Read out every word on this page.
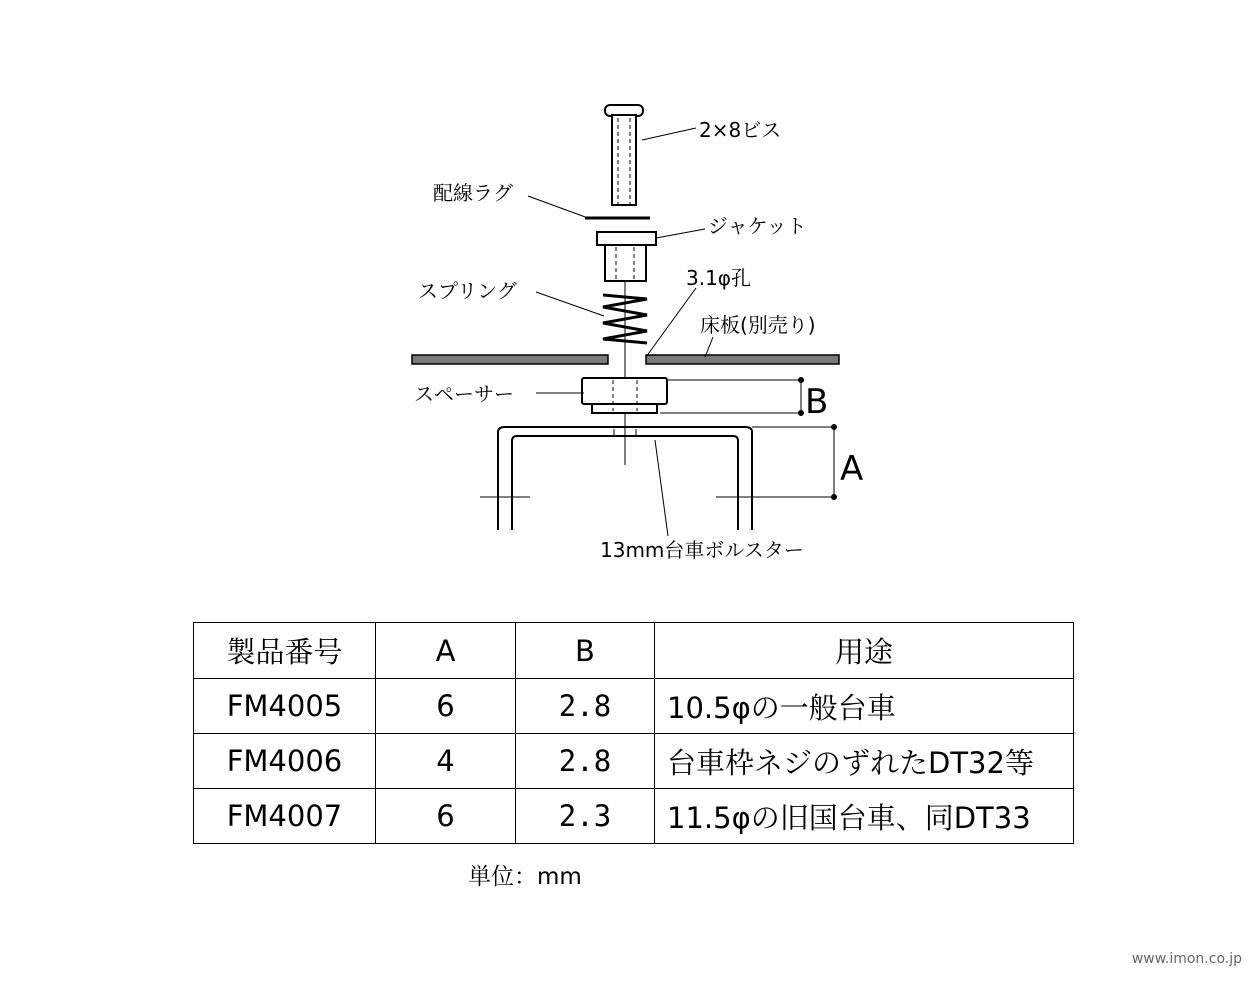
B
A
2×8ビス
配線ラグ
ジャケット
3.1φ孔
スプリング
床板(別売り)
スペーサー
13mm台車ボルスター
製品番号	A	B	用途
FM4005	6	2.8	10.5φの一般台車
FM4006	4	2.8	台車枠ネジのずれたDT32等
FM4007	6	2.3	11.5φの旧国台車、同DT33
単位：mm
www.imon.co.jp
